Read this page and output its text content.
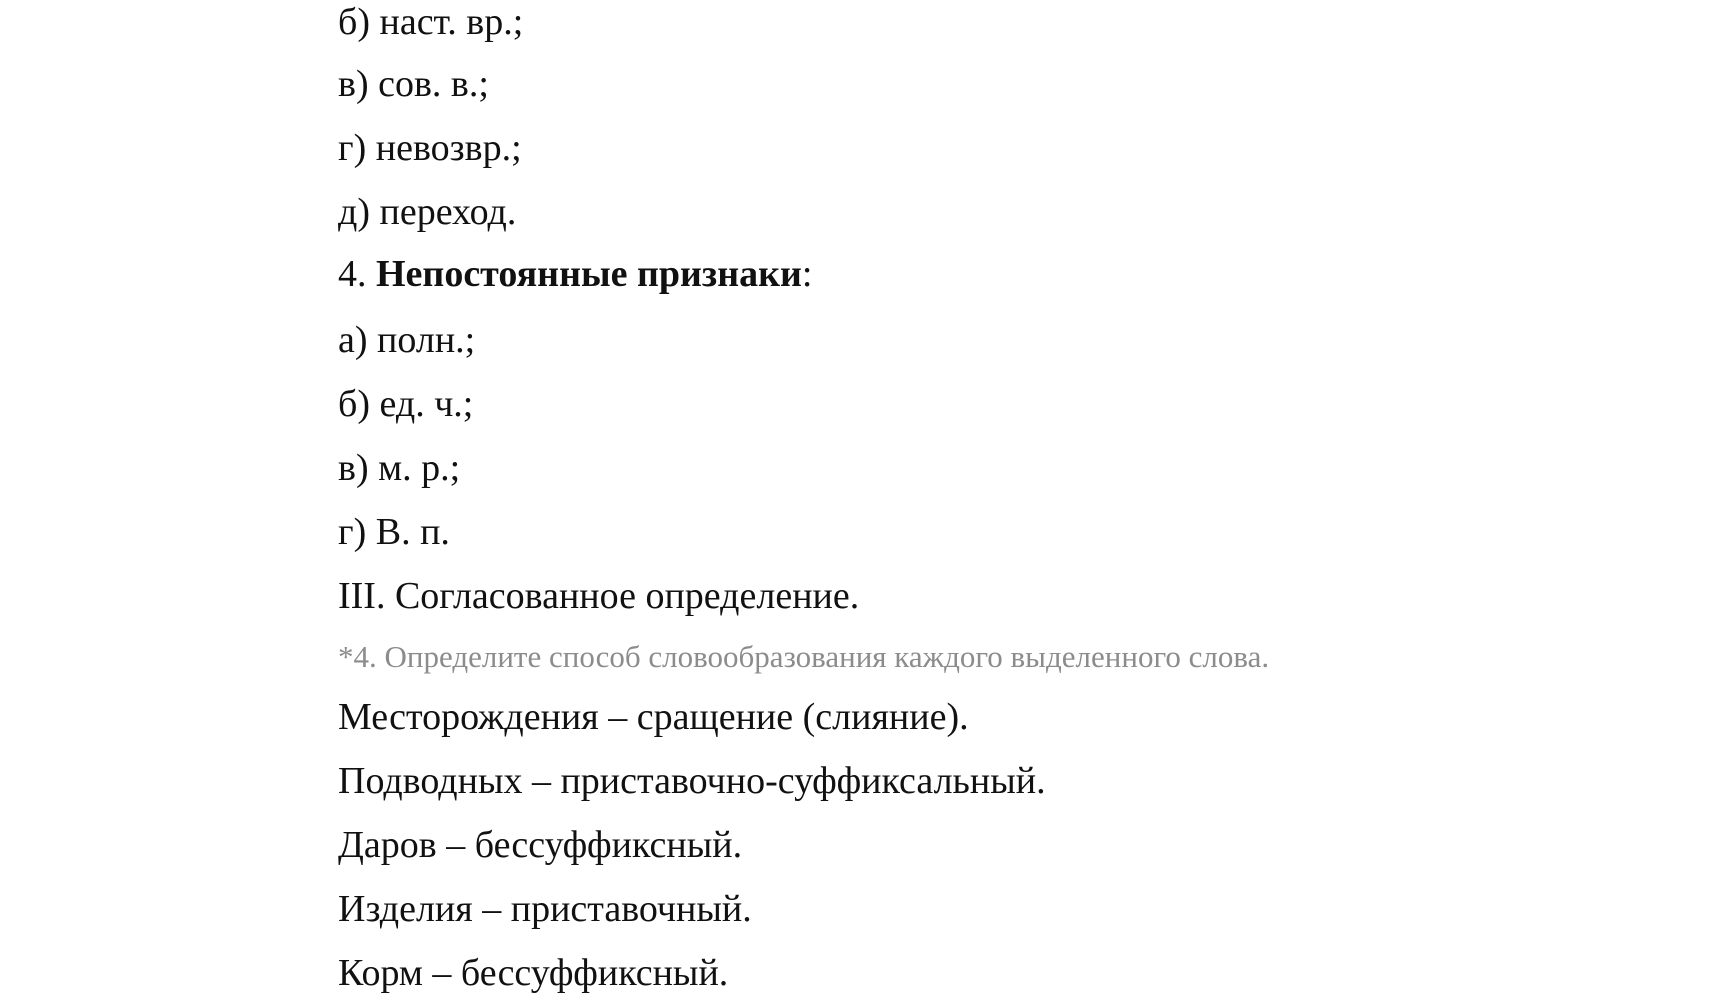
б) наст. вр.;
в) сов. в.;
г) невозвр.;
д) переход.
4. Непостоянные признаки:
а) полн.;
б) ед. ч.;
в) м. р.;
г) В. п.
III. Согласованное определение.
*4. Определите способ словообразования каждого выделенного слова.
Месторождения – сращение (слияние).
Подводных – приставочно-суффиксальный.
Даров – бессуффиксный.
Изделия – приставочный.
Корм – бессуффиксный.
